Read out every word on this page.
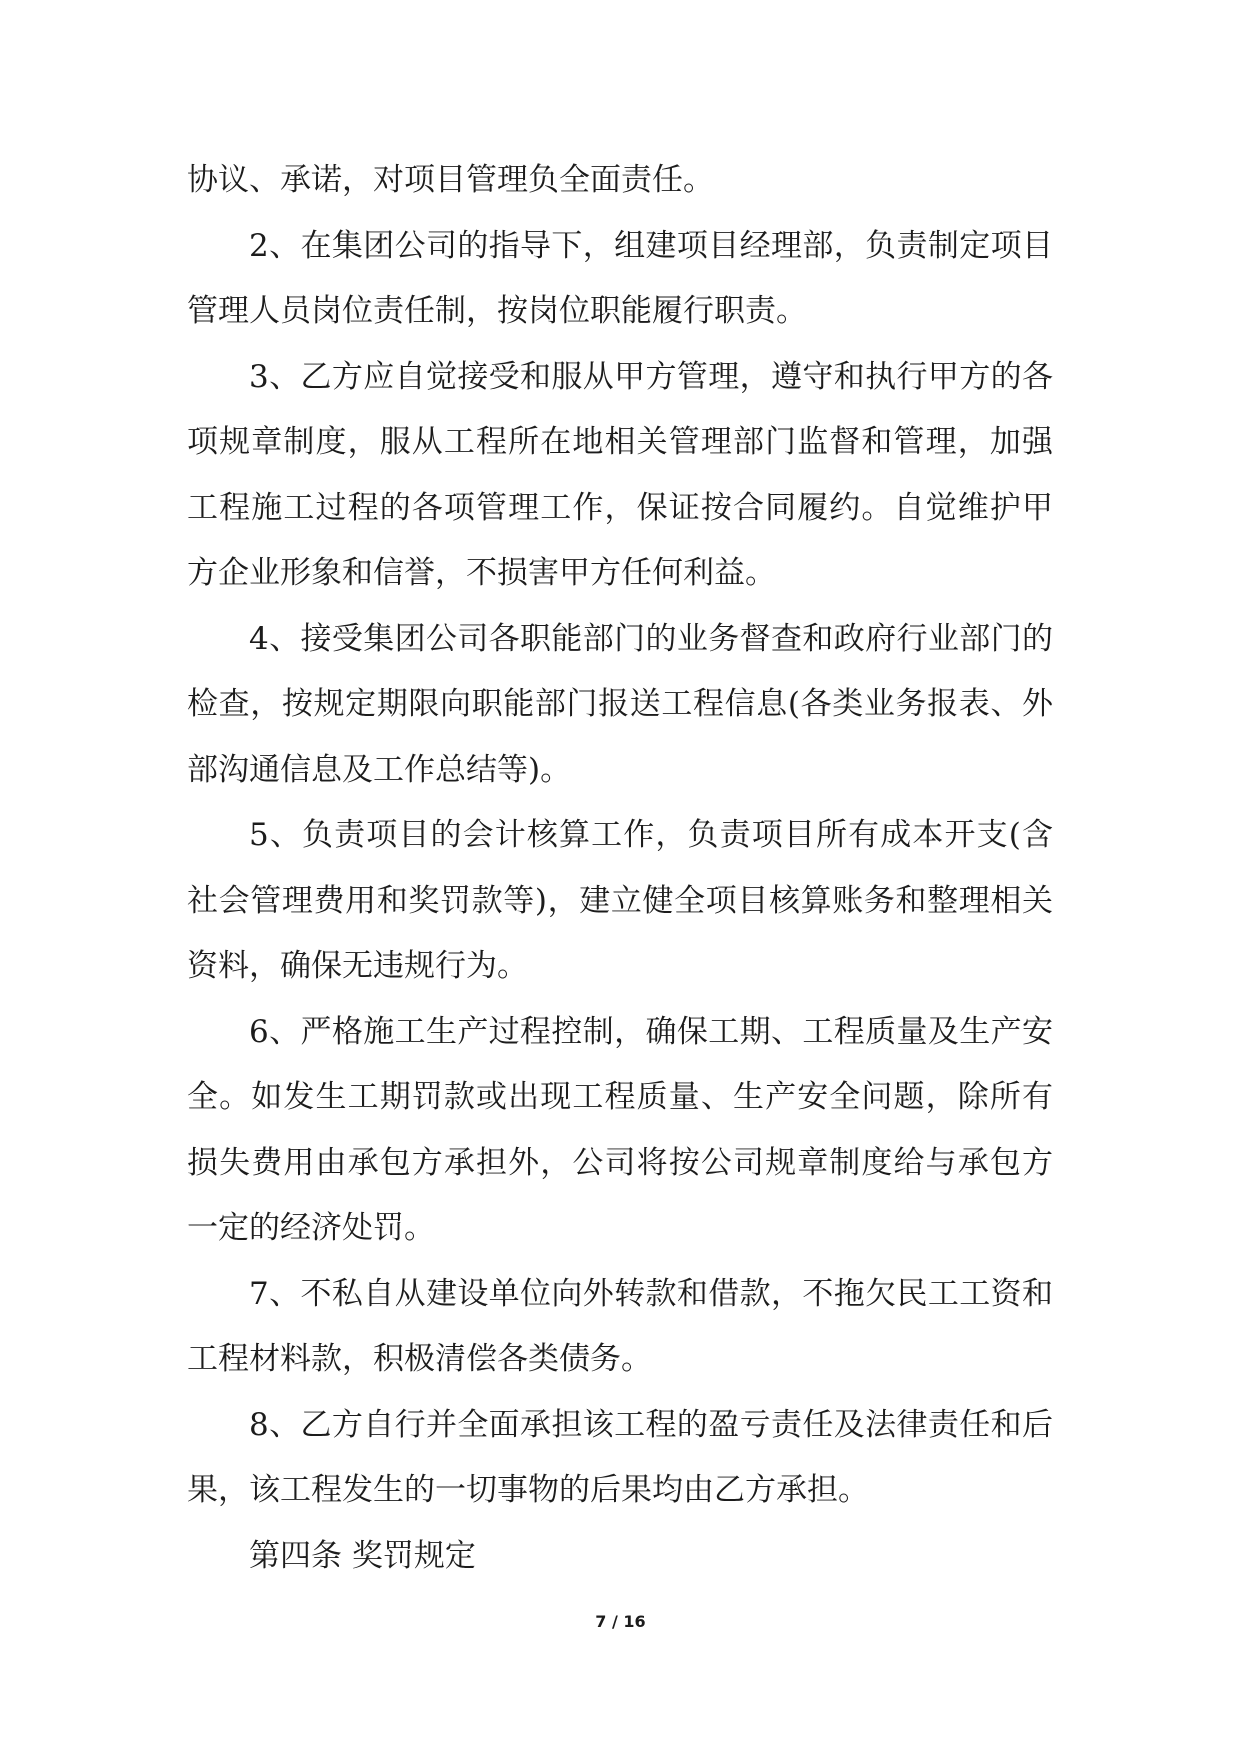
协议、承诺，对项目管理负全面责任。

2、在集团公司的指导下，组建项目经理部，负责制定项目管理人员岗位责任制，按岗位职能履行职责。

3、乙方应自觉接受和服从甲方管理，遵守和执行甲方的各项规章制度，服从工程所在地相关管理部门监督和管理，加强工程施工过程的各项管理工作，保证按合同履约。自觉维护甲方企业形象和信誉，不损害甲方任何利益。

4、接受集团公司各职能部门的业务督查和政府行业部门的检查，按规定期限向职能部门报送工程信息(各类业务报表、外部沟通信息及工作总结等)。

5、负责项目的会计核算工作，负责项目所有成本开支(含社会管理费用和奖罚款等)，建立健全项目核算账务和整理相关资料，确保无违规行为。

6、严格施工生产过程控制，确保工期、工程质量及生产安全。如发生工期罚款或出现工程质量、生产安全问题，除所有损失费用由承包方承担外，公司将按公司规章制度给与承包方一定的经济处罚。

7、不私自从建设单位向外转款和借款，不拖欠民工工资和工程材料款，积极清偿各类债务。

8、乙方自行并全面承担该工程的盈亏责任及法律责任和后果，该工程发生的一切事物的后果均由乙方承担。

第四条 奖罚规定

7 / 16
